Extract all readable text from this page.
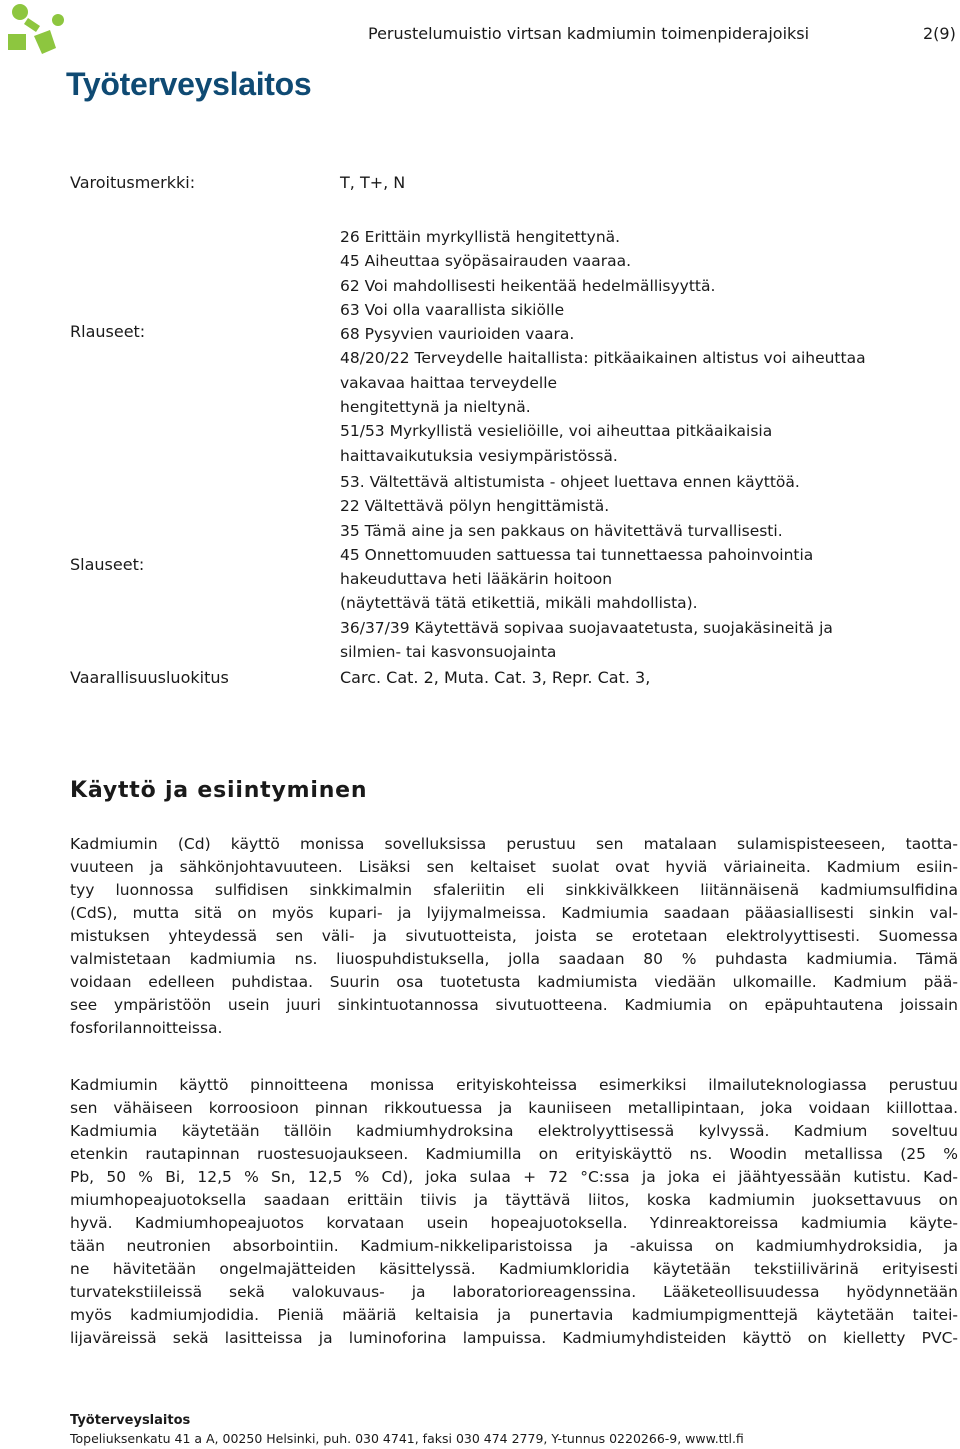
Työterveyslaitos
Perustelumuistio virtsan kadmiumin toimenpiderajoiksi	2(9)
Varoitusmerkki:	T, T+, N
Rlauseet:
26 Erittäin myrkyllistä hengitettynä.
45 Aiheuttaa syöpäsairauden vaaraa.
62 Voi mahdollisesti heikentää hedelmällisyyttä.
63 Voi olla vaarallista sikiölle
68 Pysyvien vaurioiden vaara.
48/20/22 Terveydelle haitallista: pitkäaikainen altistus voi aiheuttaa
vakavaa haittaa terveydelle
hengitettynä ja nieltynä.
51/53 Myrkyllistä vesieliöille, voi aiheuttaa pitkäaikaisia
haittavaikutuksia vesiympäristössä.
Slauseet:
53. Vältettävä altistumista - ohjeet luettava ennen käyttöä.
22 Vältettävä pölyn hengittämistä.
35 Tämä aine ja sen pakkaus on hävitettävä turvallisesti.
45 Onnettomuuden sattuessa tai tunnettaessa pahoinvointia
hakeuduttava heti lääkärin hoitoon
(näytettävä tätä etikettiä, mikäli mahdollista).
36/37/39 Käytettävä sopivaa suojavaatetusta, suojakäsineitä ja
silmien- tai kasvonsuojainta
Vaarallisuusluokitus	Carc. Cat. 2, Muta. Cat. 3, Repr. Cat. 3,
Käyttö ja esiintyminen
Kadmiumin (Cd) käyttö monissa sovelluksissa perustuu sen matalaan sulamispisteeseen, taotta-
vuuteen ja sähkönjohtavuuteen. Lisäksi sen keltaiset suolat ovat hyviä väriaineita. Kadmium esiin-
tyy luonnossa sulfidisen sinkkimalmin sfaleriitin eli sinkkivälkkeen liitännäisenä kadmiumsulfidina
(CdS), mutta sitä on myös kupari- ja lyijymalmeissa. Kadmiumia saadaan pääasiallisesti sinkin val-
mistuksen yhteydessä sen väli- ja sivutuotteista, joista se erotetaan elektrolyyttisesti. Suomessa
valmistetaan kadmiumia ns. liuospuhdistuksella, jolla saadaan 80 % puhdasta kadmiumia. Tämä
voidaan edelleen puhdistaa. Suurin osa tuotetusta kadmiumista viedään ulkomaille. Kadmium pää-
see ympäristöön usein juuri sinkintuotannossa sivutuotteena. Kadmiumia on epäpuhtautena joissain
fosforilannoitteissa.
Kadmiumin käyttö pinnoitteena monissa erityiskohteissa esimerkiksi ilmailuteknologiassa perustuu
sen vähäiseen korroosioon pinnan rikkoutuessa ja kauniiseen metallipintaan, joka voidaan kiillottaa.
Kadmiumia käytetään tällöin kadmiumhydroksina elektrolyyttisessä kylvyssä. Kadmium soveltuu
etenkin rautapinnan ruostesuojaukseen. Kadmiumilla on erityiskäyttö ns. Woodin metallissa (25 %
Pb, 50 % Bi, 12,5 % Sn, 12,5 % Cd), joka sulaa + 72 °C:ssa ja joka ei jäähtyessään kutistu. Kad-
miumhopeajuotoksella saadaan erittäin tiivis ja täyttävä liitos, koska kadmiumin juoksettavuus on
hyvä. Kadmiumhopeajuotos korvataan usein hopeajuotoksella. Ydinreaktoreissa kadmiumia käyte-
tään neutronien absorbointiin. Kadmium-nikkeliparistoissa ja -akuissa on kadmiumhydroksidia, ja
ne hävitetään ongelmajätteiden käsittelyssä. Kadmiumkloridia käytetään tekstiilivärinä erityisesti
turvatekstiileissä sekä valokuvaus- ja laboratorioreagenssina. Lääketeollisuudessa hyödynnetään
myös kadmiumjodidia. Pieniä määriä keltaisia ja punertavia kadmiumpigmenttejä käytetään taitei-
lijaväreissä sekä lasitteissa ja luminoforina lampuissa. Kadmiumyhdisteiden käyttö on kielletty PVC-
Työterveyslaitos
Topeliuksenkatu 41 a A, 00250 Helsinki, puh. 030 4741, faksi 030 474 2779, Y-tunnus 0220266-9, www.ttl.fi
